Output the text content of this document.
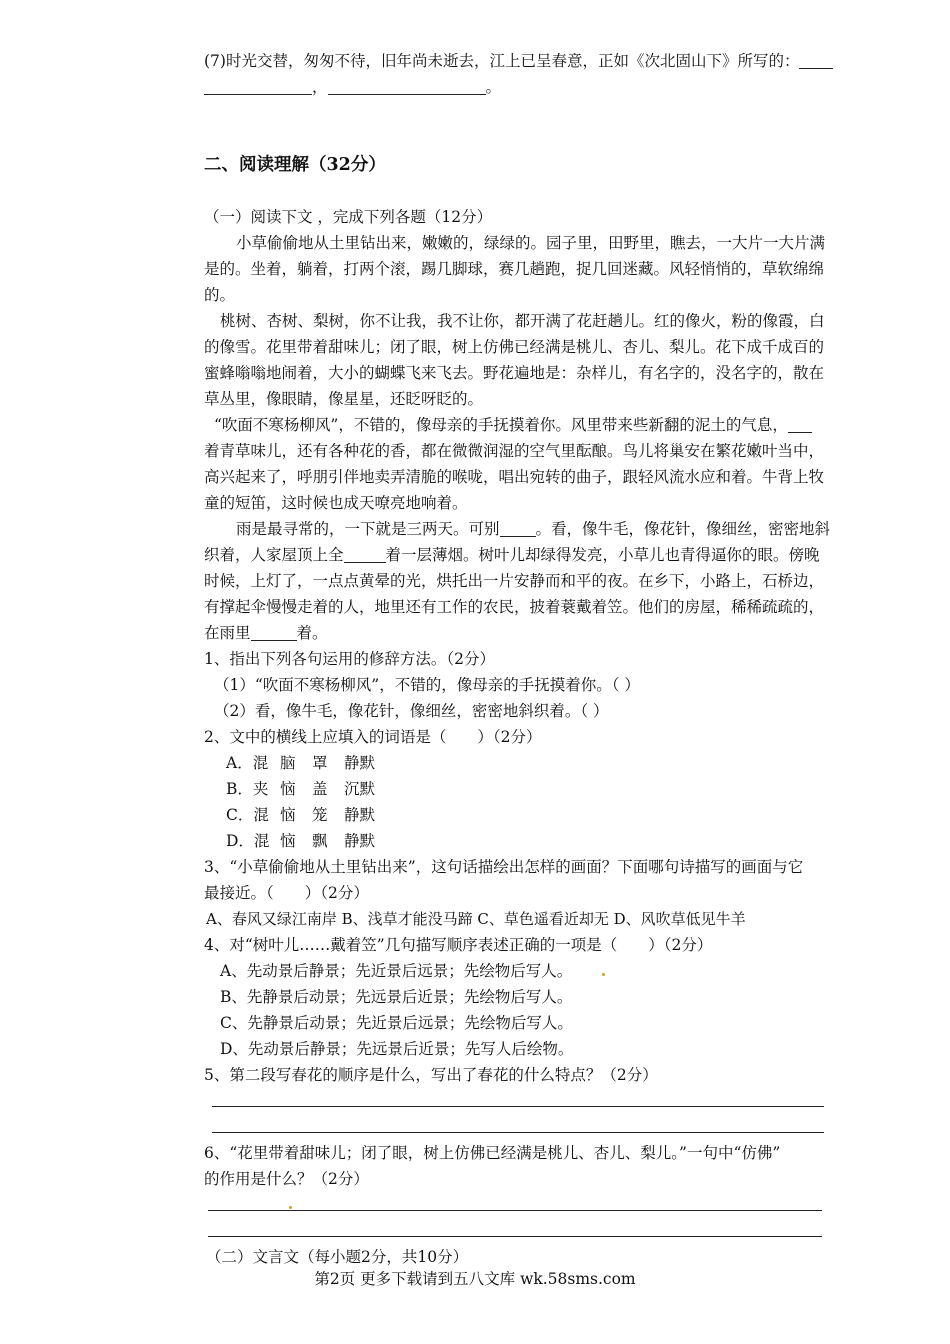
(7)时光交替，匆匆不待，旧年尚未逝去，江上已呈春意，正如《次北固山下》所写的：
，	。
二、阅读理解（32分）
（一）阅读下文 ，完成下列各题（12分）
小草偷偷地从土里钻出来，嫩嫩的，绿绿的。园子里，田野里，瞧去，一大片一大片满
是的。坐着，躺着，打两个滚，踢几脚球，赛几趟跑，捉几回迷藏。风轻悄悄的，草软绵绵
的。
桃树、杏树、梨树，你不让我，我不让你，都开满了花赶趟儿。红的像火，粉的像霞，白
的像雪。花里带着甜味儿；闭了眼，树上仿佛已经满是桃儿、杏儿、梨儿。花下成千成百的
蜜蜂嗡嗡地闹着，大小的蝴蝶飞来飞去。野花遍地是：杂样儿，有名字的，没名字的，散在
草丛里，像眼睛，像星星，还眨呀眨的。
“吹面不寒杨柳风”，不错的，像母亲的手抚摸着你。风里带来些新翻的泥土的气息，
着青草味儿，还有各种花的香，都在微微润湿的空气里酝酿。鸟儿将巢安在繁花嫩叶当中，
高兴起来了，呼朋引伴地卖弄清脆的喉咙，唱出宛转的曲子，跟轻风流水应和着。牛背上牧
童的短笛，这时候也成天嘹亮地响着。
雨是最寻常的，一下就是三两天。可别 。看，像牛毛，像花针，像细丝，密密地斜
织着，人家屋顶上全	着一层薄烟。树叶儿却绿得发亮，小草儿也青得逼你的眼。傍晚
时候，上灯了，一点点黄晕的光，烘托出一片安静而和平的夜。在乡下，小路上，石桥边，
有撑起伞慢慢走着的人，地里还有工作的农民，披着蓑戴着笠。他们的房屋，稀稀疏疏的，
在雨里	着。
1、指出下列各句运用的修辞方法。（2分）
（1）“吹面不寒杨柳风”，不错的，像母亲的手抚摸着你。（ ）
（2）看，像牛毛，像花针，像细丝，密密地斜织着。（ ）
2、文中的横线上应填入的词语是（　　）（2分）
A．混 脑 罩 静默
B．夹 恼 盖 沉默
C．混 恼 笼 静默
D．混 恼 飘 静默
3、“小草偷偷地从土里钻出来”，这句话描绘出怎样的画面？下面哪句诗描写的画面与它
最接近。（　　）（2分）
A、春风又绿江南岸 B、浅草才能没马蹄 C、草色遥看近却无 D、风吹草低见牛羊
4、对“树叶儿……戴着笠”几句描写顺序表述正确的一项是（　　）（2分）
A、先动景后静景；先近景后远景；先绘物后写人。
B、先静景后动景；先远景后近景；先绘物后写人。
C、先静景后动景；先近景后远景；先绘物后写人。
D、先动景后静景；先远景后近景；先写人后绘物。
5、第二段写春花的顺序是什么，写出了春花的什么特点？（2分）
6、“花里带着甜味儿；闭了眼，树上仿佛已经满是桃儿、杏儿、梨儿。”一句中“仿佛”
的作用是什么？（2分）
（二）文言文（每小题2分，共10分）
第2页 更多下载请到五八文库 wk.58sms.com
